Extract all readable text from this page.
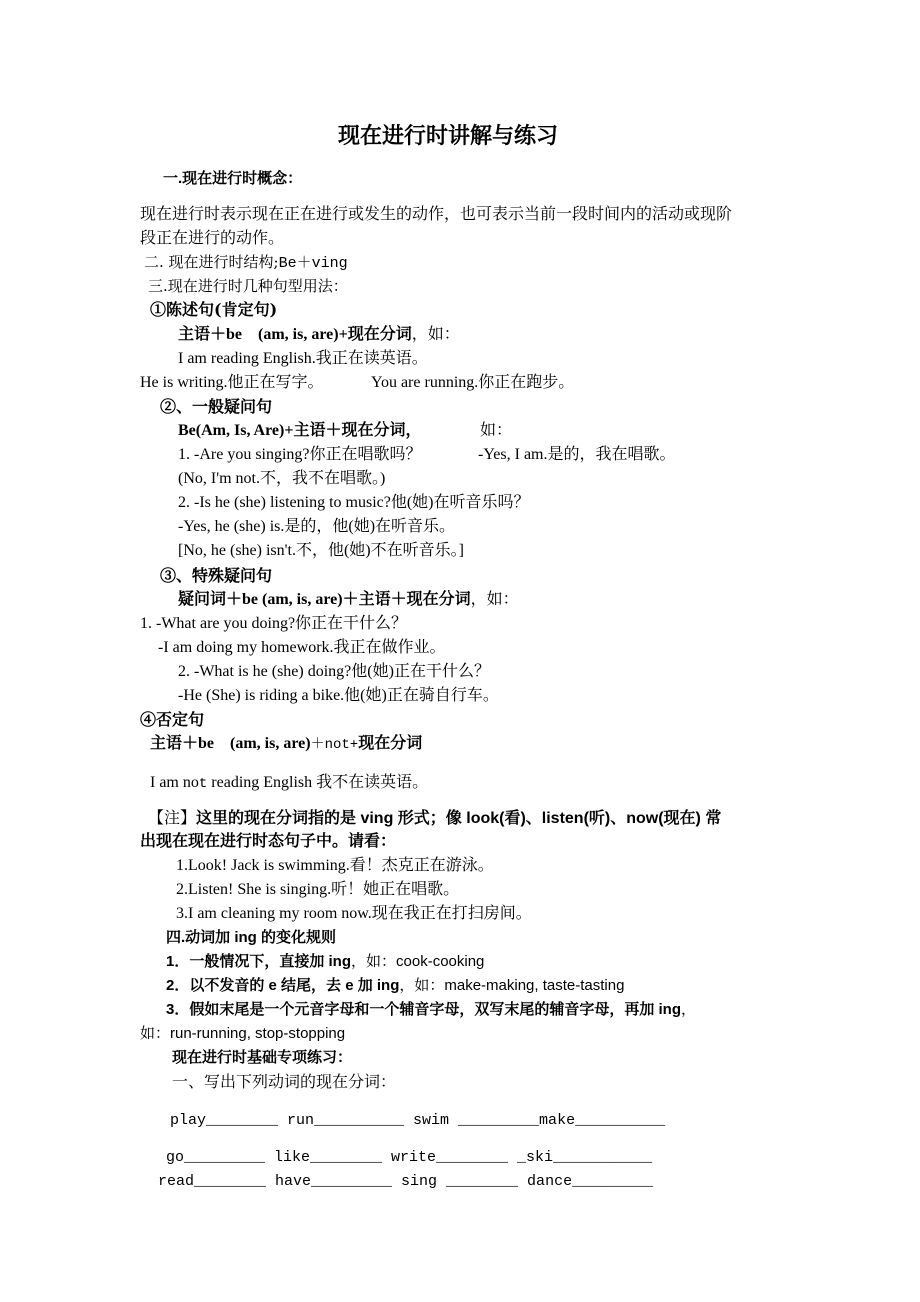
现在进行时讲解与练习
一.现在进行时概念：
现在进行时表示现在正在进行或发生的动作，也可表示当前一段时间内的活动或现阶
段正在进行的动作。
二. 现在进行时结构;Be＋ving
三.现在进行时几种句型用法：
①陈述句(肯定句)
主语＋be　(am, is, are)+现在分词，如：
I am reading English.我正在读英语。
He is writing.他正在写字。	You are running.你正在跑步。
②、一般疑问句
Be(Am, Is, Are)+主语＋现在分词，	如：
1. -Are you singing?你正在唱歌吗？	-Yes, I am.是的，我在唱歌。
(No, I'm not.不，我不在唱歌。)
2. -Is he (she) listening to music?他(她)在听音乐吗？
-Yes, he (she) is.是的，他(她)在听音乐。
[No, he (she) isn't.不，他(她)不在听音乐。]
③、特殊疑问句
疑问词＋be (am, is, are)＋主语＋现在分词，如：
1. -What are you doing?你正在干什么？
-I am doing my homework.我正在做作业。
2. -What is he (she) doing?他(她)正在干什么？
-He (She) is riding a bike.他(她)正在骑自行车。
④否定句
主语＋be　(am, is, are)＋not+现在分词
I am not reading English 我不在读英语。
【注】这里的现在分词指的是 ving 形式；像 look(看)、listen(听)、now(现在) 常
出现在现在进行时态句子中。请看：
1.Look! Jack is swimming.看！杰克正在游泳。
2.Listen! She is singing.听！她正在唱歌。
3.I am cleaning my room now.现在我正在打扫房间。
四.动词加 ing 的变化规则
1．一般情况下，直接加 ing，如：cook-cooking
2．以不发音的 e 结尾，去 e 加 ing，如：make-making, taste-tasting
3．假如末尾是一个元音字母和一个辅音字母，双写末尾的辅音字母，再加 ing，
如：run-running, stop-stopping
现在进行时基础专项练习：
一、写出下列动词的现在分词：
play________ run__________ swim _________make__________
go_________ like________ write________ _ski___________
read________ have_________ sing ________ dance_________
